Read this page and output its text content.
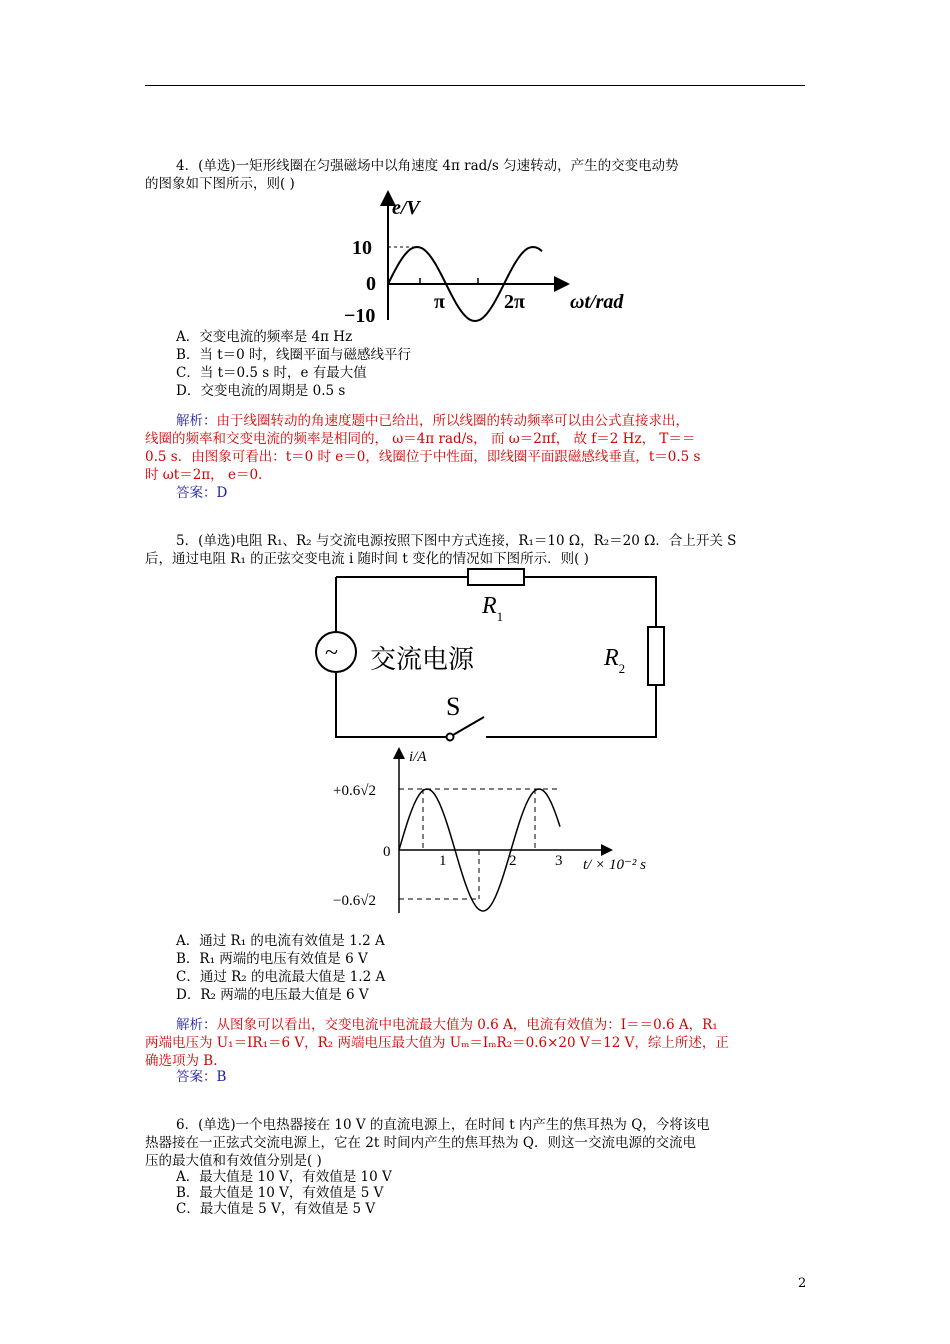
4．(单选)一矩形线圈在匀强磁场中以角速度 4π rad/s 匀速转动，产生的交变电动势
的图象如下图所示，则( )
e/V
10
0
−10
π	2π ωt/rad
A．交变电流的频率是 4π Hz
B．当 t＝0 时，线圈平面与磁感线平行
C．当 t＝0.5 s 时，e 有最大值
D．交变电流的周期是 0.5 s
解析：由于线圈转动的角速度题中已给出，所以线圈的转动频率可以由公式直接求出，
线圈的频率和交变电流的频率是相同的， ω＝4π rad/s， 而 ω＝2πf， 故 f＝2 Hz， T＝＝
0.5 s．由图象可看出：t＝0 时 e＝0，线圈位于中性面，即线圈平面跟磁感线垂直，t＝0.5 s
时 ωt＝2π， e＝0.
答案：D
5．(单选)电阻 R₁、R₂ 与交流电源按照下图中方式连接，R₁＝10 Ω，R₂＝20 Ω．合上开关 S
后，通过电阻 R₁ 的正弦交变电流 i 随时间 t 变化的情况如下图所示．则( )
~ 交流电源
$R_1$
$R_2$
S
i/A
+0.6√2
0
−0.6√2
1	2	3 t/ × 10⁻² s
A．通过 R₁ 的电流有效值是 1.2 A
B．R₁ 两端的电压有效值是 6 V
C．通过 R₂ 的电流最大值是 1.2 A
D．R₂ 两端的电压最大值是 6 V
解析：从图象可以看出，交变电流中电流最大值为 0.6 A，电流有效值为：I＝＝0.6 A，R₁
两端电压为 U₁＝IR₁＝6 V，R₂ 两端电压最大值为 Uₘ＝IₘR₂＝0.6×20 V＝12 V，综上所述，正
确选项为 B.
答案：B
6．(单选)一个电热器接在 10 V 的直流电源上，在时间 t 内产生的焦耳热为 Q，今将该电
热器接在一正弦式交流电源上，它在 2t 时间内产生的焦耳热为 Q．则这一交流电源的交流电
压的最大值和有效值分别是( )
A．最大值是 10 V，有效值是 10 V
B．最大值是 10 V，有效值是 5 V
C．最大值是 5 V，有效值是 5 V
2
